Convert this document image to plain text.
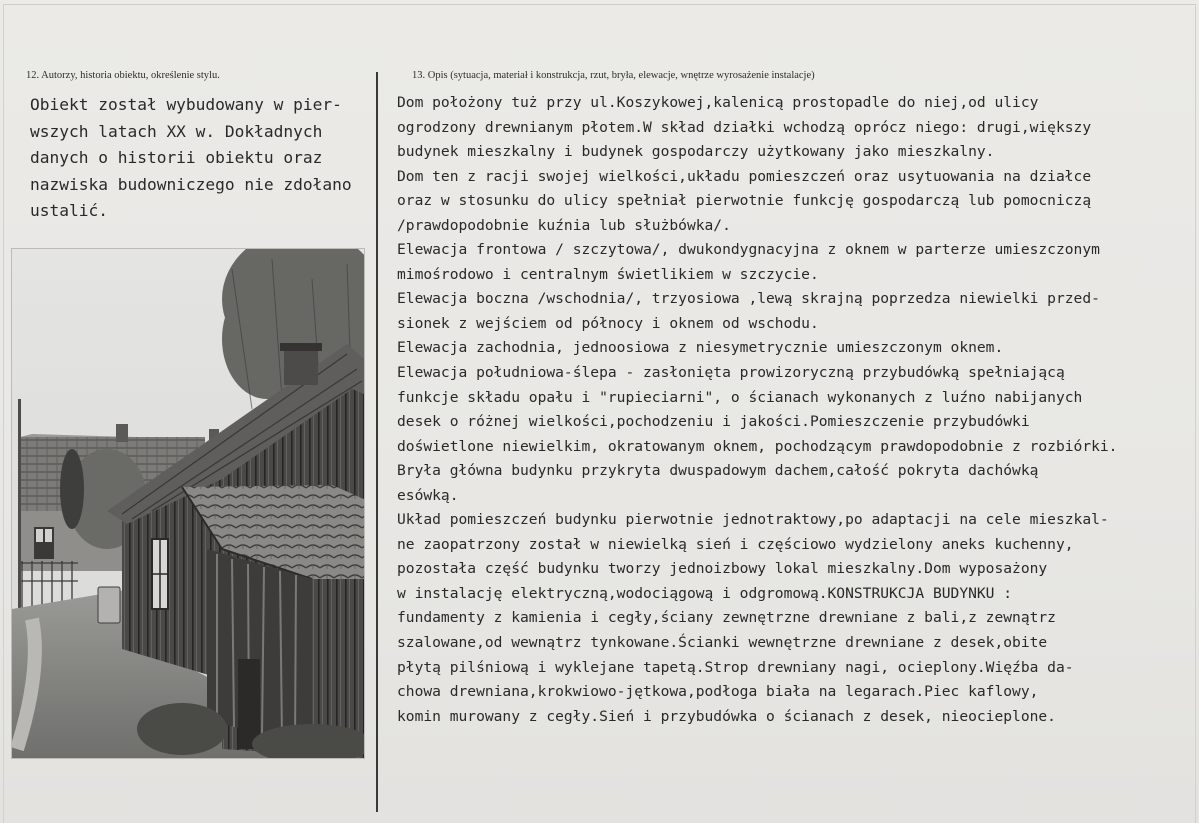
12. Autorzy, historia obiektu, określenie stylu.	13. Opis (sytuacja, materiał i konstrukcja, rzut, bryła, elewacje, wnętrze wyrosażenie instalacje)
Obiekt został wybudowany w pier-
wszych latach XX w. Dokładnych
danych o historii obiektu oraz
nazwiska budowniczego nie zdołano
ustalić.
Dom położony tuż przy ul.Koszykowej,kalenicą prostopadle do niej,od ulicy
ogrodzony drewnianym płotem.W skład działki wchodzą oprócz niego: drugi,większy
budynek mieszkalny i budynek gospodarczy użytkowany jako mieszkalny.
Dom ten z racji swojej wielkości,układu pomieszczeń oraz usytuowania na działce
oraz w stosunku do ulicy spełniał pierwotnie funkcję gospodarczą lub pomocniczą
/prawdopodobnie kuźnia lub służbówka/.
Elewacja frontowa / szczytowa/, dwukondygnacyjna z oknem w parterze umieszczonym
mimośrodowo i centralnym świetlikiem w szczycie.
Elewacja boczna /wschodnia/, trzyosiowa ,lewą skrajną poprzedza niewielki przed-
sionek z wejściem od północy i oknem od wschodu.
Elewacja zachodnia, jednoosiowa z niesymetrycznie umieszczonym oknem.
Elewacja południowa-ślepa - zasłonięta prowizoryczną przybudówką spełniającą
funkcje składu opału i "rupieciarni", o ścianach wykonanych z luźno nabijanych
desek o różnej wielkości,pochodzeniu i jakości.Pomieszczenie przybudówki
doświetlone niewielkim, okratowanym oknem, pochodzącym prawdopodobnie z rozbiórki.
Bryła główna budynku przykryta dwuspadowym dachem,całość pokryta dachówką
esówką.
Układ pomieszczeń budynku pierwotnie jednotraktowy,po adaptacji na cele mieszkal-
ne zaopatrzony został w niewielką sień i częściowo wydzielony aneks kuchenny,
pozostała część budynku tworzy jednoizbowy lokal mieszkalny.Dom wyposażony
w instalację elektryczną,wodociągową i odgromową.KONSTRUKCJA BUDYNKU :
fundamenty z kamienia i cegły,ściany zewnętrzne drewniane z bali,z zewnątrz
szalowane,od wewnątrz tynkowane.Ścianki wewnętrzne drewniane z desek,obite
płytą pilśniową i wyklejane tapetą.Strop drewniany nagi, ocieplony.Więźba da-
chowa drewniana,krokwiowo-jętkowa,podłoga biała na legarach.Piec kaflowy,
komin murowany z cegły.Sień i przybudówka o ścianach z desek, nieocieplone.
